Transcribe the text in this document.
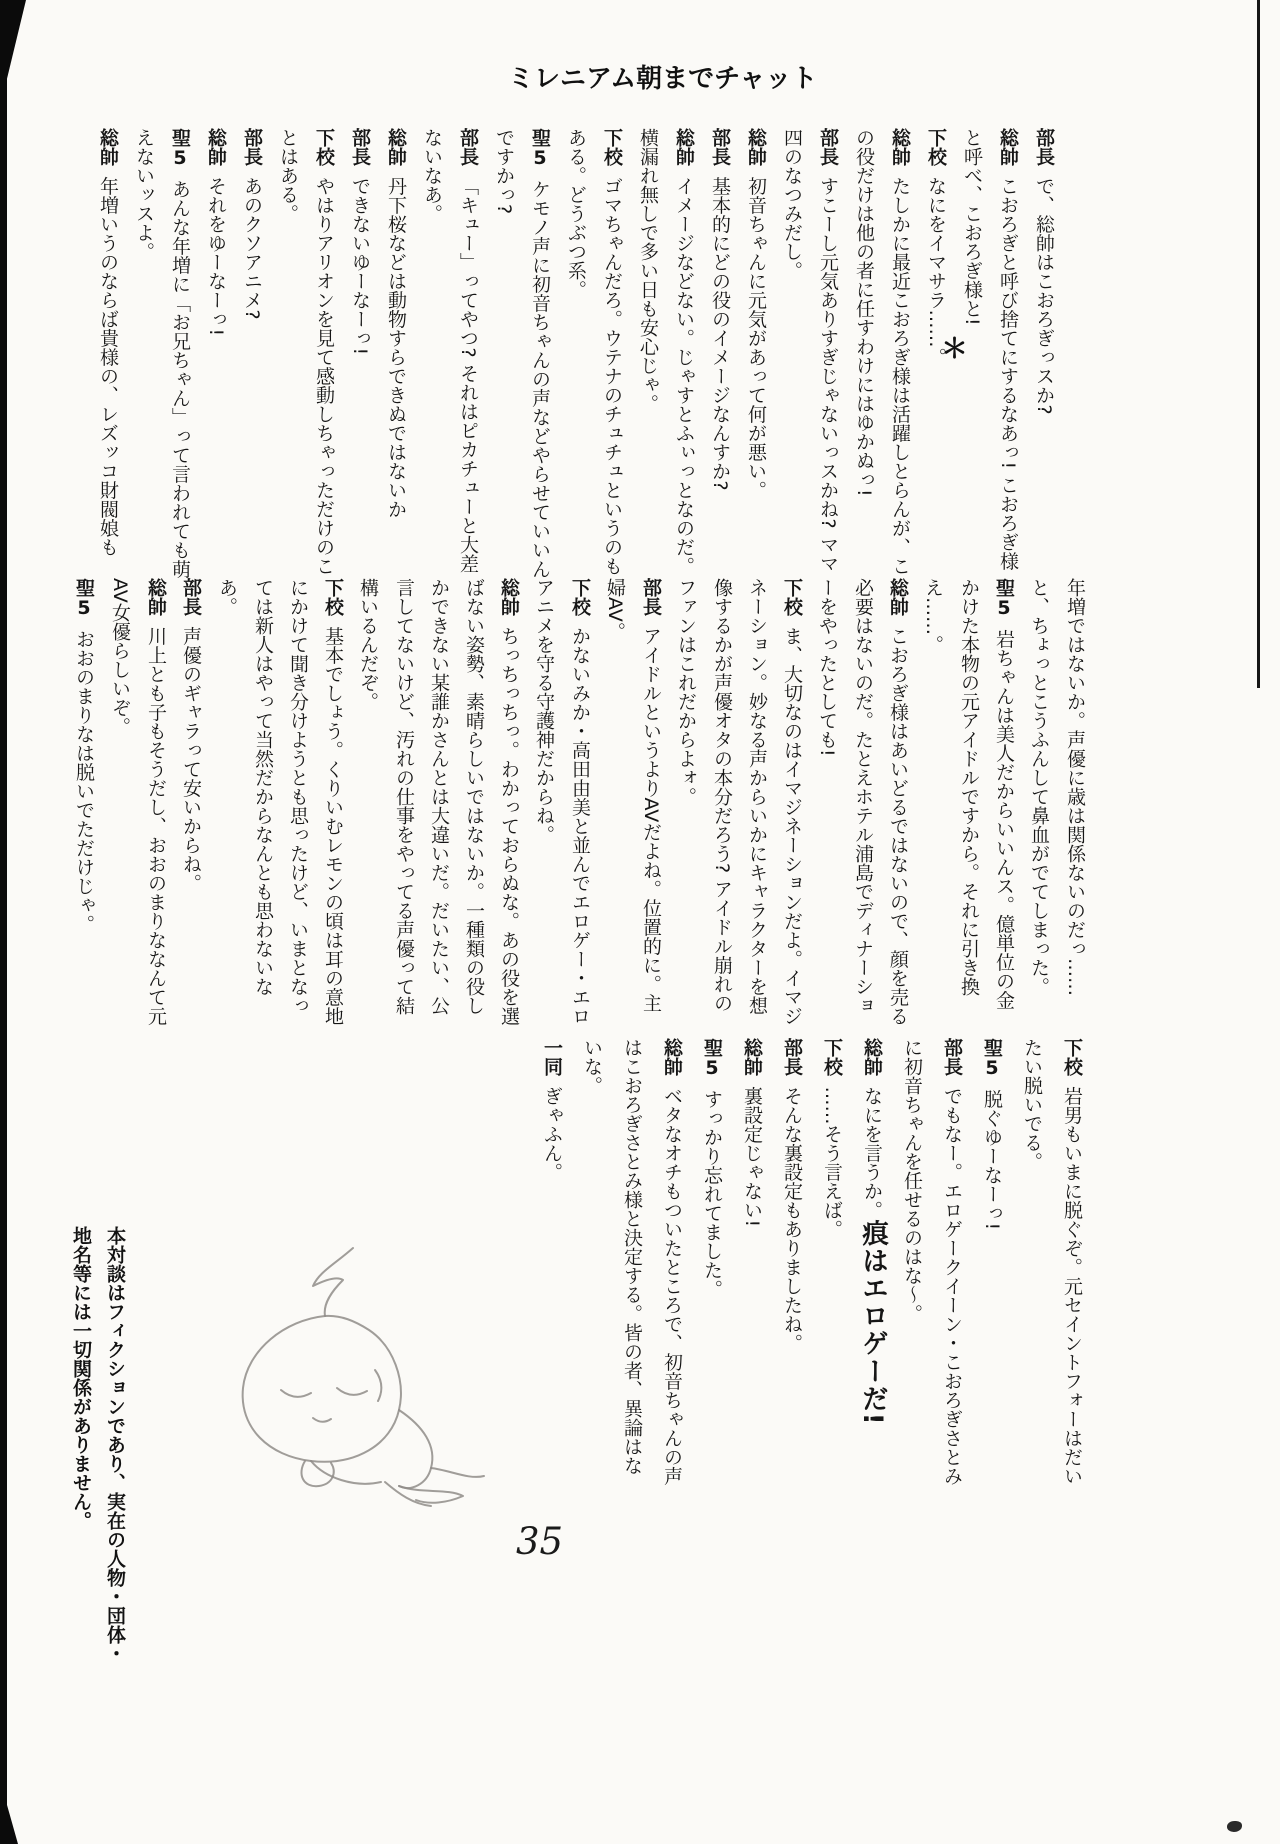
ミレニアム朝までチャット
＊

部長で、総帥はこおろぎっスか?

総帥こおろぎと呼び捨てにするなあっ! こおろぎ様と呼べ、こおろぎ様と!

下校なにをイマサラ……。

総帥たしかに最近こおろぎ様は活躍しとらんが、この役だけは他の者に任すわけにはゆかぬっ!

部長すこーし元気ありすぎじゃないっスかね? ママ四のなつみだし。

総帥初音ちゃんに元気があって何が悪い。

部長基本的にどの役のイメージなんすか?

総帥イメージなどない。じゃすとふぃっとなのだ。横漏れ無しで多い日も安心じゃ。

下校ゴマちゃんだろ。ウテナのチュチュというのもある。どうぶつ系。

聖5ケモノ声に初音ちゃんの声などやらせていいんですかっ?

部長「キュー」ってやつ? それはピカチューと大差ないなあ。

総帥丹下桜などは動物すらできぬではないか

部長できないゆーなーっ!

下校やはりアリオンを見て感動しちゃっただけのことはある。

部長あのクソアニメ?

総帥それをゆーなーっ!

聖5あんな年増に「お兄ちゃん」って言われても萌えないッスよ。

総帥年増いうのならば貴様の、レズッコ財閥娘も

年増ではないか。声優に歳は関係ないのだっ……と、ちょっとこうふんして鼻血がでてしまった。

聖5岩ちゃんは美人だからいいんス。億単位の金かけた本物の元アイドルですから。それに引き換え……。

総帥こおろぎ様はあいどるではないので、顔を売る必要はないのだ。たとえホテル浦島でディナーショーをやったとしても!

下校ま、大切なのはイマジネーションだよ。イマジネーション。妙なる声からいかにキャラクターを想像するかが声優オタの本分だろう? アイドル崩れのファンはこれだからよォ。

部長アイドルというよりAVだよね。位置的に。主婦AV。

下校かないみか・高田由美と並んでエロゲー・エロアニメを守る守護神だからね。

総帥ちっちっちっ。わかっておらぬな。あの役を選ばない姿勢、素晴らしいではないか。一種類の役しかできない某誰かさんとは大違いだ。だいたい、公言してないけど、汚れの仕事をやってる声優って結構いるんだぞ。

下校基本でしょう。くりいむレモンの頃は耳の意地にかけて聞き分けようとも思ったけど、いまとなっては新人はやって当然だからなんとも思わないなあ。

部長声優のギャラって安いからね。

総帥川上とも子もそうだし、おおのまりななんて元AV女優らしいぞ。

聖5おおのまりなは脱いでただけじゃ。

下校岩男もいまに脱ぐぞ。元セイントフォーはだいたい脱いでる。

聖5脱ぐゆーなーっ!

部長でもなー。エロゲークイーン・こおろぎさとみに初音ちゃんを任せるのはな〜。

総帥なにを言うか。痕はエロゲーだ!

下校……そう言えば。

部長そんな裏設定もありましたね。

総帥裏設定じゃない!

聖5すっかり忘れてました。

総帥ベタなオチもついたところで、初音ちゃんの声はこおろぎさとみ様と決定する。皆の者、異論はないな。

一同ぎゃふん。

本対談はフィクションであり、実在の人物・団体・地名等には一切関係がありません。
35
